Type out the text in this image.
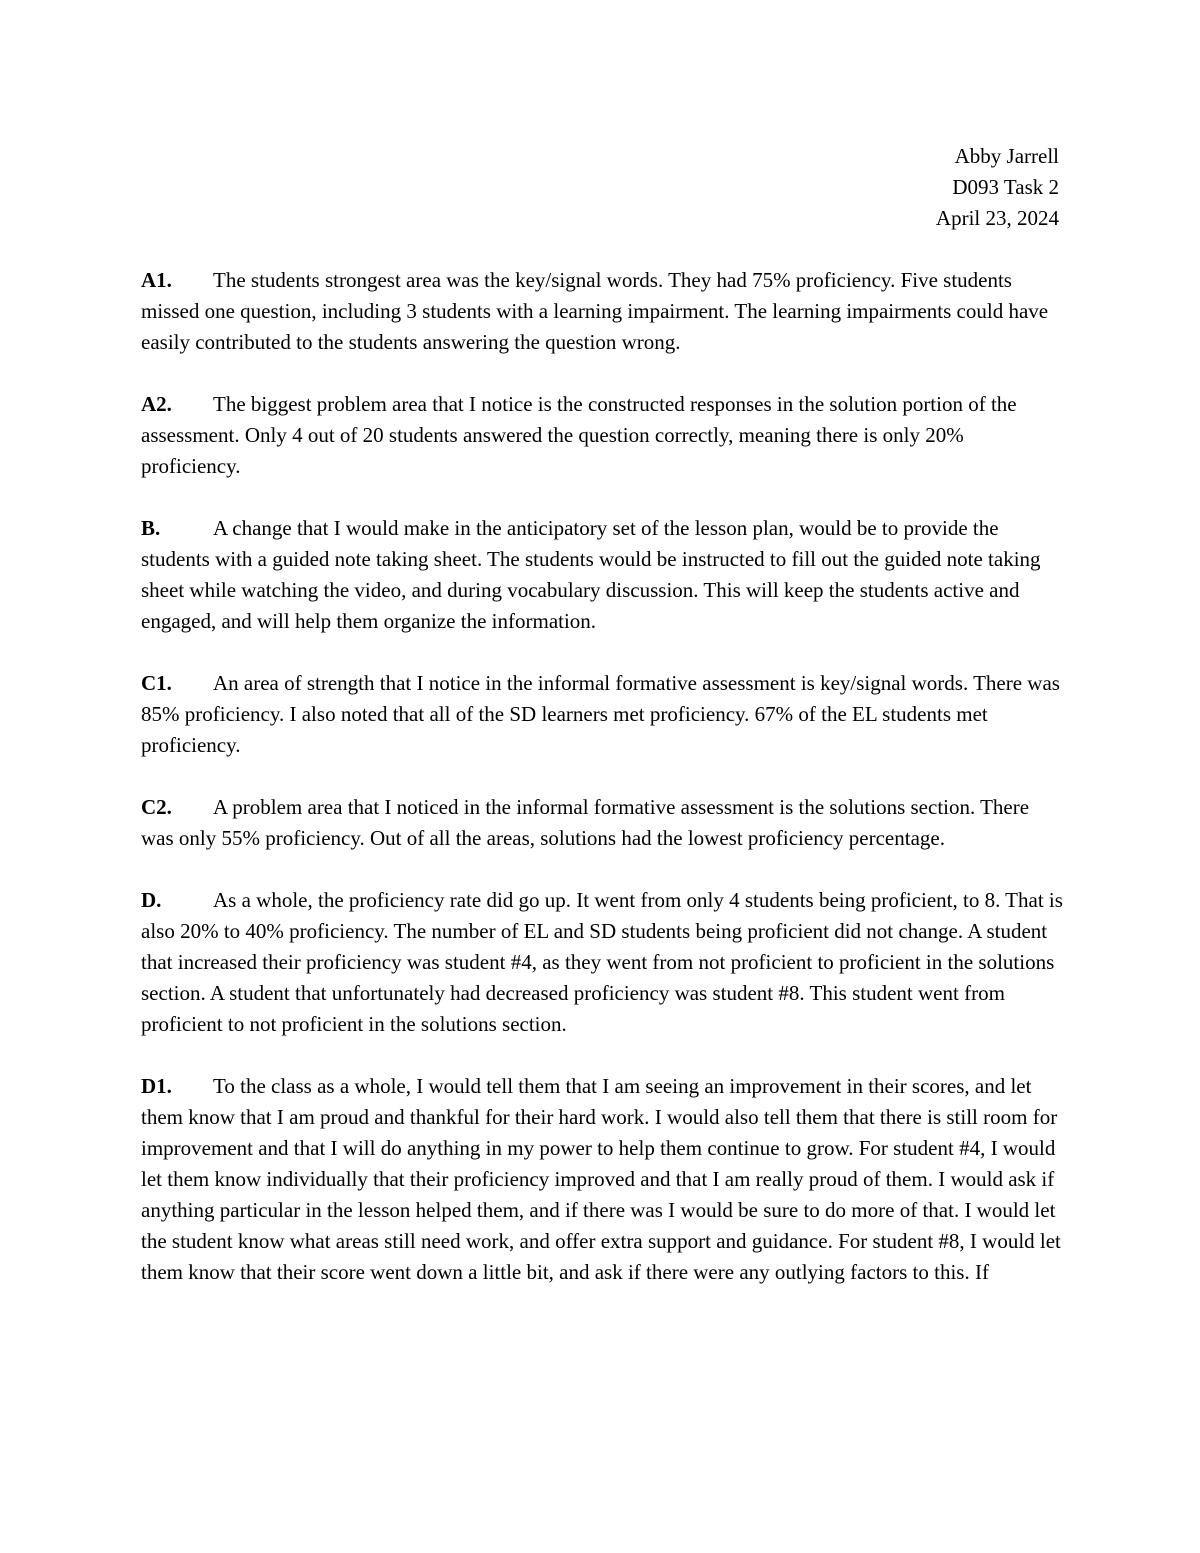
Abby Jarrell
D093 Task 2
April 23, 2024

A1. The students strongest area was the key/signal words. They had 75% proficiency. Five students missed one question, including 3 students with a learning impairment. The learning impairments could have easily contributed to the students answering the question wrong.

A2. The biggest problem area that I notice is the constructed responses in the solution portion of the assessment. Only 4 out of 20 students answered the question correctly, meaning there is only 20% proficiency.

B.	A change that I would make in the anticipatory set of the lesson plan, would be to provide the students with a guided note taking sheet. The students would be instructed to fill out the guided note taking sheet while watching the video, and during vocabulary discussion. This will keep the students active and engaged, and will help them organize the information.

C1. An area of strength that I notice in the informal formative assessment is key/signal words. There was 85% proficiency. I also noted that all of the SD learners met proficiency. 67% of the EL students met proficiency.

C2. A problem area that I noticed in the informal formative assessment is the solutions section. There was only 55% proficiency. Out of all the areas, solutions had the lowest proficiency percentage.

D. As a whole, the proficiency rate did go up. It went from only 4 students being proficient, to 8. That is also 20% to 40% proficiency. The number of EL and SD students being proficient did not change. A student that increased their proficiency was student #4, as they went from not proficient to proficient in the solutions section. A student that unfortunately had decreased proficiency was student #8. This student went from proficient to not proficient in the solutions section.

D1. To the class as a whole, I would tell them that I am seeing an improvement in their scores, and let them know that I am proud and thankful for their hard work. I would also tell them that there is still room for improvement and that I will do anything in my power to help them continue to grow. For student #4, I would let them know individually that their proficiency improved and that I am really proud of them. I would ask if anything particular in the lesson helped them, and if there was I would be sure to do more of that. I would let the student know what areas still need work, and offer extra support and guidance. For student #8, I would let them know that their score went down a little bit, and ask if there were any outlying factors to this. If
